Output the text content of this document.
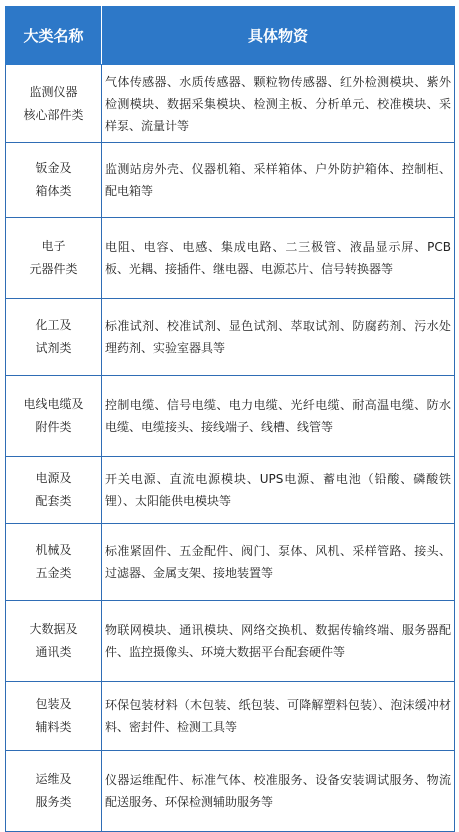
大类名称	具体物资

监测仪器
核心部件类	气体传感器、水质传感器、颗粒物传感器、红外检测模块、紫外检测模块、数据采集模块、检测主板、分析单元、校准模块、采样泵、流量计等

钣金及
箱体类	监测站房外壳、仪器机箱、采样箱体、户外防护箱体、控制柜、配电箱等

电子
元器件类	电阻、电容、电感、集成电路、二三极管、液晶显示屏、PCB板、光耦、接插件、继电器、电源芯片、信号转换器等

化工及
试剂类	标准试剂、校准试剂、显色试剂、萃取试剂、防腐药剂、污水处理药剂、实验室器具等

电线电缆及
附件类	控制电缆、信号电缆、电力电缆、光纤电缆、耐高温电缆、防水电缆、电缆接头、接线端子、线槽、线管等

电源及
配套类	开关电源、直流电源模块、UPS电源、蓄电池（铅酸、磷酸铁锂）、太阳能供电模块等

机械及
五金类	标准紧固件、五金配件、阀门、泵体、风机、采样管路、接头、过滤器、金属支架、接地装置等

大数据及
通讯类	物联网模块、通讯模块、网络交换机、数据传输终端、服务器配件、监控摄像头、环境大数据平台配套硬件等

包装及
辅料类	环保包装材料（木包装、纸包装、可降解塑料包装）、泡沫缓冲材料、密封件、检测工具等

运维及
服务类	仪器运维配件、标准气体、校准服务、设备安装调试服务、物流配送服务、环保检测辅助服务等
